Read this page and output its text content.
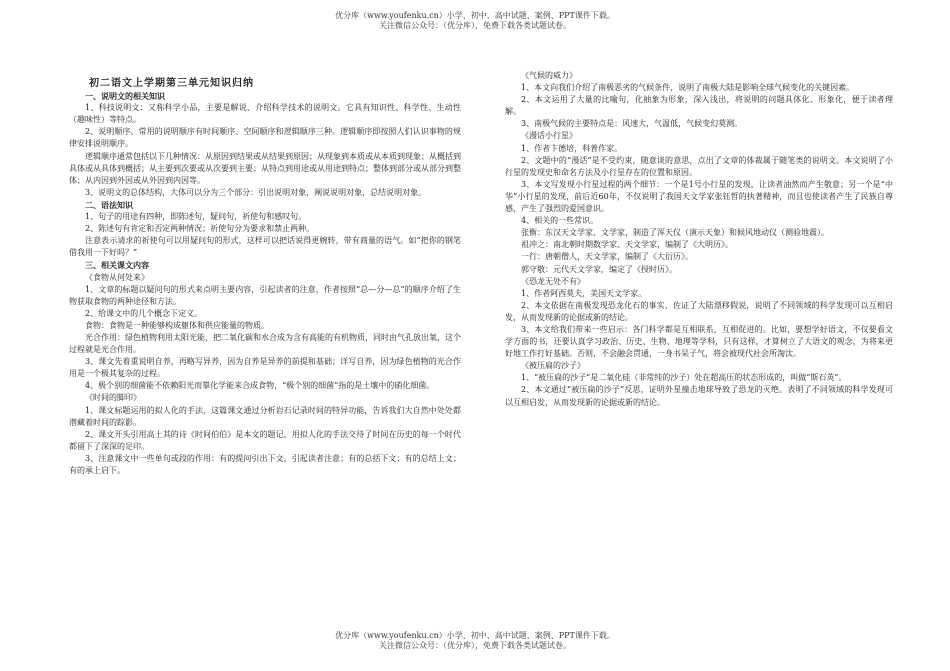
优分库（www.youfenku.cn）小学、初中、高中试题、案例、PPT课件下载。
关注微信公众号：（优分库），免费下载各类试题试卷。

初二语文上学期第三单元知识归纳

一、说明文的相关知识

1、科技说明文：又称科学小品，主要是解说、介绍科学技术的说明文。它具有知识性、科学性、生动性（趣味性）等特点。

2、说明顺序。常用的说明顺序有时间顺序、空间顺序和逻辑顺序三种。逻辑顺序即按照人们认识事物的规律安排说明顺序。

逻辑顺序通常包括以下几种情况：从原因到结果或从结果到原因；从现象到本质或从本质到现象；从概括到具体或从具体到概括；从主要到次要或从次要到主要；从特点到用途或从用途到特点；整体到部分或从部分到整体；从内因到外因或从外因到内因等。

3、说明文的总体结构，大体可以分为三个部分：引出说明对象，阐说说明对象，总结说明对象。

二、语法知识

1、句子的用途有四种，即陈述句，疑问句，祈使句和感叹句。

2、陈述句有肯定和否定两种情况；祈使句分为要求和禁止两种。

注意表示请求的祈使句可以用疑问句的形式，这样可以把话说得更婉转，带有商量的语气。如“把你的钢笔借我用一下好吗？”

三、相关课文内容

《食物从何处来》

1、文章的标题以疑问句的形式来点明主要内容，引起读者的注意，作者按照“总—分—总”的顺序介绍了生物获取食物的两种途径和方法。

2、给课文中的几个概念下定义。

食物：食物是一种能够构成躯体和供应能量的物质。

光合作用：绿色植物利用太阳光能，把二氧化碳和水合成为含有高能的有机物质，同时由气孔放出氧，这个过程就是光合作用。

3、课文先着重说明自养，再略写异养，因为自养是异养的前提和基础；详写自养，因为绿色植物的光合作用是一个极其复杂的过程。

4、极个别的细菌能不依赖阳光而靠化学能来合成食物，“极个别的细菌”指的是土壤中的硝化细菌。

《时间的脚印》

1、课文标题运用的拟人化的手法，这篇课文通过分析岩石记录时间的特异功能，告诉我们大自然中处处都潜藏着时间的踪影。

2、课文开头引用高士其的诗《时间伯伯》是本文的题记，用拟人化的手法交待了时间在历史的每一个时代都留下了深深的足印。

3、注意课文中一些单句或段的作用：有的提问引出下文，引起读者注意；有的总括下文；有的总结上文；有的承上启下。

《气候的威力》

1、本文向我们介绍了南极恶劣的气候条件，说明了南极大陆是影响全球气候变化的关键因素。

2、本文运用了大量的比喻句，化抽象为形象，深入浅出，将说明的问题具体化、形象化，便于读者理解。

3、南极气候的主要特点是：风速大，气温低，气候变幻莫测。

《漫话小行星》

1、作者卞德培，科普作家。

2、文题中的“漫话”是不受约束，随意谈的意思，点出了文章的体裁属于随笔类的说明文。本文说明了小行星的发现史和命名方法及小行星存在的位置和原因。

3、本文写发现小行星过程的两个细节：一个是1号小行星的发现，让读者油然而产生敬意；另一个是“中华”小行星的发现，前后近60年，不仅说明了我国天文学家张钰哲的执著精神，而且也使读者产生了民族自尊感，产生了强烈的爱国意识。

4、相关的一些常识。

张衡：东汉天文学家、文学家，制造了浑天仪（演示天象）和候风地动仪（测验地震）。

祖冲之：南北朝时期数学家、天文学家，编制了《大明历》。

一行：唐朝僧人，天文学家，编制了《大衍历》。

郭守敬：元代天文学家，编定了《授时历》。

《恐龙无处不有》

1、作者阿西莫夫，美国天文学家。

2、本文依据在南极发现恐龙化石的事实，佐证了大陆漂移假说，说明了不同领域的科学发现可以互相启发，从而发现新的论据或新的结论。

3、本文给我们带来一些启示：各门科学都是互相联系，互相促进的。比如，要想学好语文，不仅要看文学方面的书，还要认真学习政治、历史、生物、地理等学科，只有这样，才算树立了大语文的观念，为将来更好地工作打好基础。否则，不会融会贯通，一身书呆子气，将会被现代社会所淘汰。

《被压扁的沙子》

1、“被压扁的沙子”是二氧化硅（非常纯的沙子）处在超高压的状态形成的，叫做“斯石英”。

2、本文通过“被压扁的沙子”反思，证明外星撞击地球导致了恐龙的灭绝。表明了不同领域的科学发现可以互相启发，从而发现新的论据或新的结论。

优分库（www.youfenku.cn）小学、初中、高中试题、案例、PPT课件下载。
关注微信公众号：（优分库），免费下载各类试题试卷。
